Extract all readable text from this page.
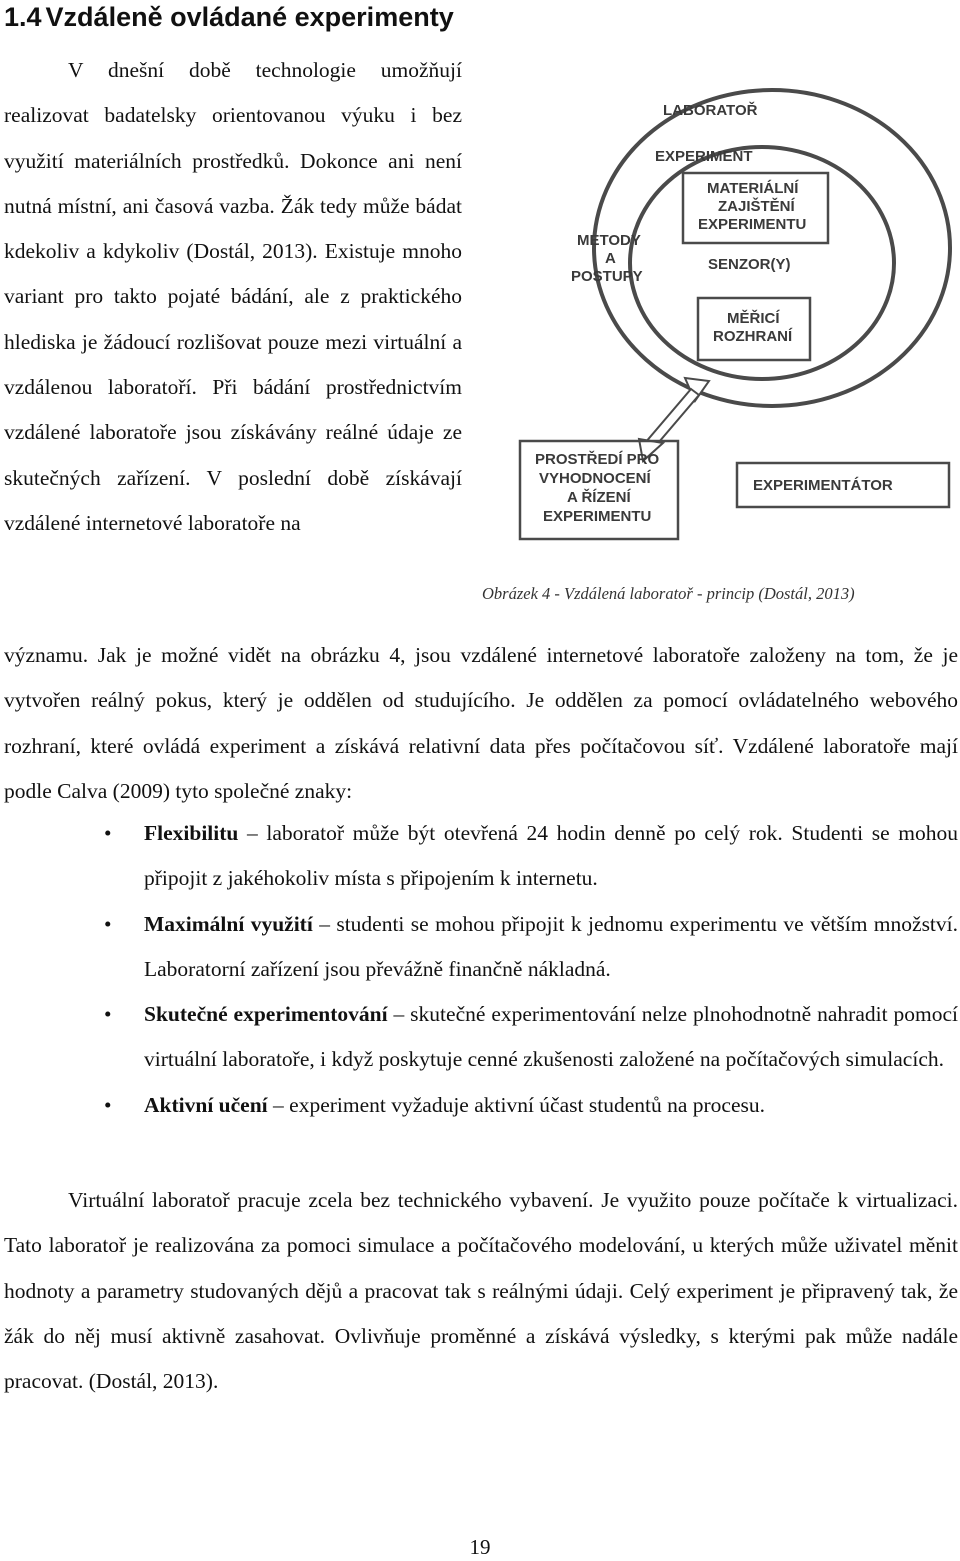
1.4 Vzdáleně ovládané experimenty

V dnešní době technologie umožňují realizovat badatelsky orientovanou výuku i bez využití materiálních prostředků. Dokonce ani není nutná místní, ani časová vazba. Žák tedy může bádat kdekoliv a kdykoliv (Dostál, 2013). Existuje mnoho variant pro takto pojaté bádání, ale z praktického hlediska je žádoucí rozlišovat pouze mezi virtuální a vzdálenou laboratoří. Při bádání prostřednictvím vzdálené laboratoře jsou získávány reálné údaje ze skutečných zařízení. V poslední době získávají vzdálené internetové laboratoře na

LABORATOŘ
EXPERIMENT
MATERIÁLNÍ
ZAJIŠTĚNÍ
EXPERIMENTU
SENZOR(Y)
METODY
A
POSTUPY
MĚŘICÍ
ROZHRANÍ
PROSTŘEDÍ PRO
VYHODNOCENÍ
A ŘÍZENÍ
EXPERIMENTU
EXPERIMENTÁTOR
Obrázek 4 - Vzdálená laboratoř - princip (Dostál, 2013)

významu. Jak je možné vidět na obrázku 4, jsou vzdálené internetové laboratoře založeny na tom, že je vytvořen reálný pokus, který je oddělen od studujícího. Je oddělen za pomocí ovládatelného webového rozhraní, které ovládá experiment a získává relativní data přes počítačovou síť. Vzdálené laboratoře mají podle Calva (2009) tyto společné znaky:

• Flexibilitu – laboratoř může být otevřená 24 hodin denně po celý rok. Studenti se mohou připojit z jakéhokoliv místa s připojením k internetu.
• Maximální využití – studenti se mohou připojit k jednomu experimentu ve větším množství. Laboratorní zařízení jsou převážně finančně nákladná.
• Skutečné experimentování – skutečné experimentování nelze plnohodnotně nahradit pomocí virtuální laboratoře, i když poskytuje cenné zkušenosti založené na počítačových simulacích.
• Aktivní učení – experiment vyžaduje aktivní účast studentů na procesu.

Virtuální laboratoř pracuje zcela bez technického vybavení. Je využito pouze počítače k virtualizaci. Tato laboratoř je realizována za pomoci simulace a počítačového modelování, u kterých může uživatel měnit hodnoty a parametry studovaných dějů a pracovat tak s reálnými údaji. Celý experiment je připravený tak, že žák do něj musí aktivně zasahovat. Ovlivňuje proměnné a získává výsledky, s kterými pak může nadále pracovat. (Dostál, 2013).

19
